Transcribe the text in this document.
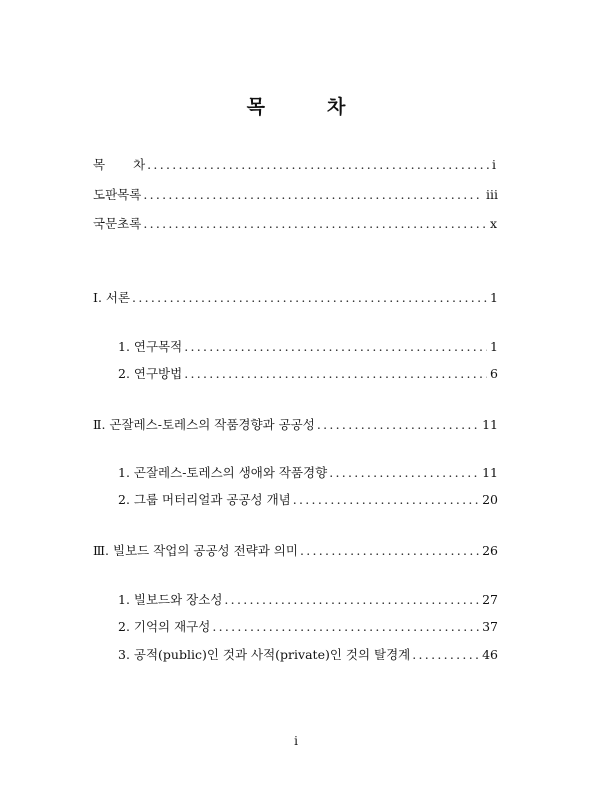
목	차
목 차 .....	i
도판목록 .....	iii
국문초록 .....	x
Ⅰ. 서론 .....	1
1. 연구목적 .....	1
2. 연구방법 .....	6
Ⅱ. 곤잘레스-토레스의 작품경향과 공공성 .....	11
1. 곤잘레스-토레스의 생애와 작품경향 .....	11
2. 그룹 머터리얼과 공공성 개념 .....	20
Ⅲ. 빌보드 작업의 공공성 전략과 의미 .....	26
1. 빌보드와 장소성 .....	27
2. 기억의 재구성 .....	37
3. 공적(public)인 것과 사적(private)인 것의 탈경계 .....	46
i
